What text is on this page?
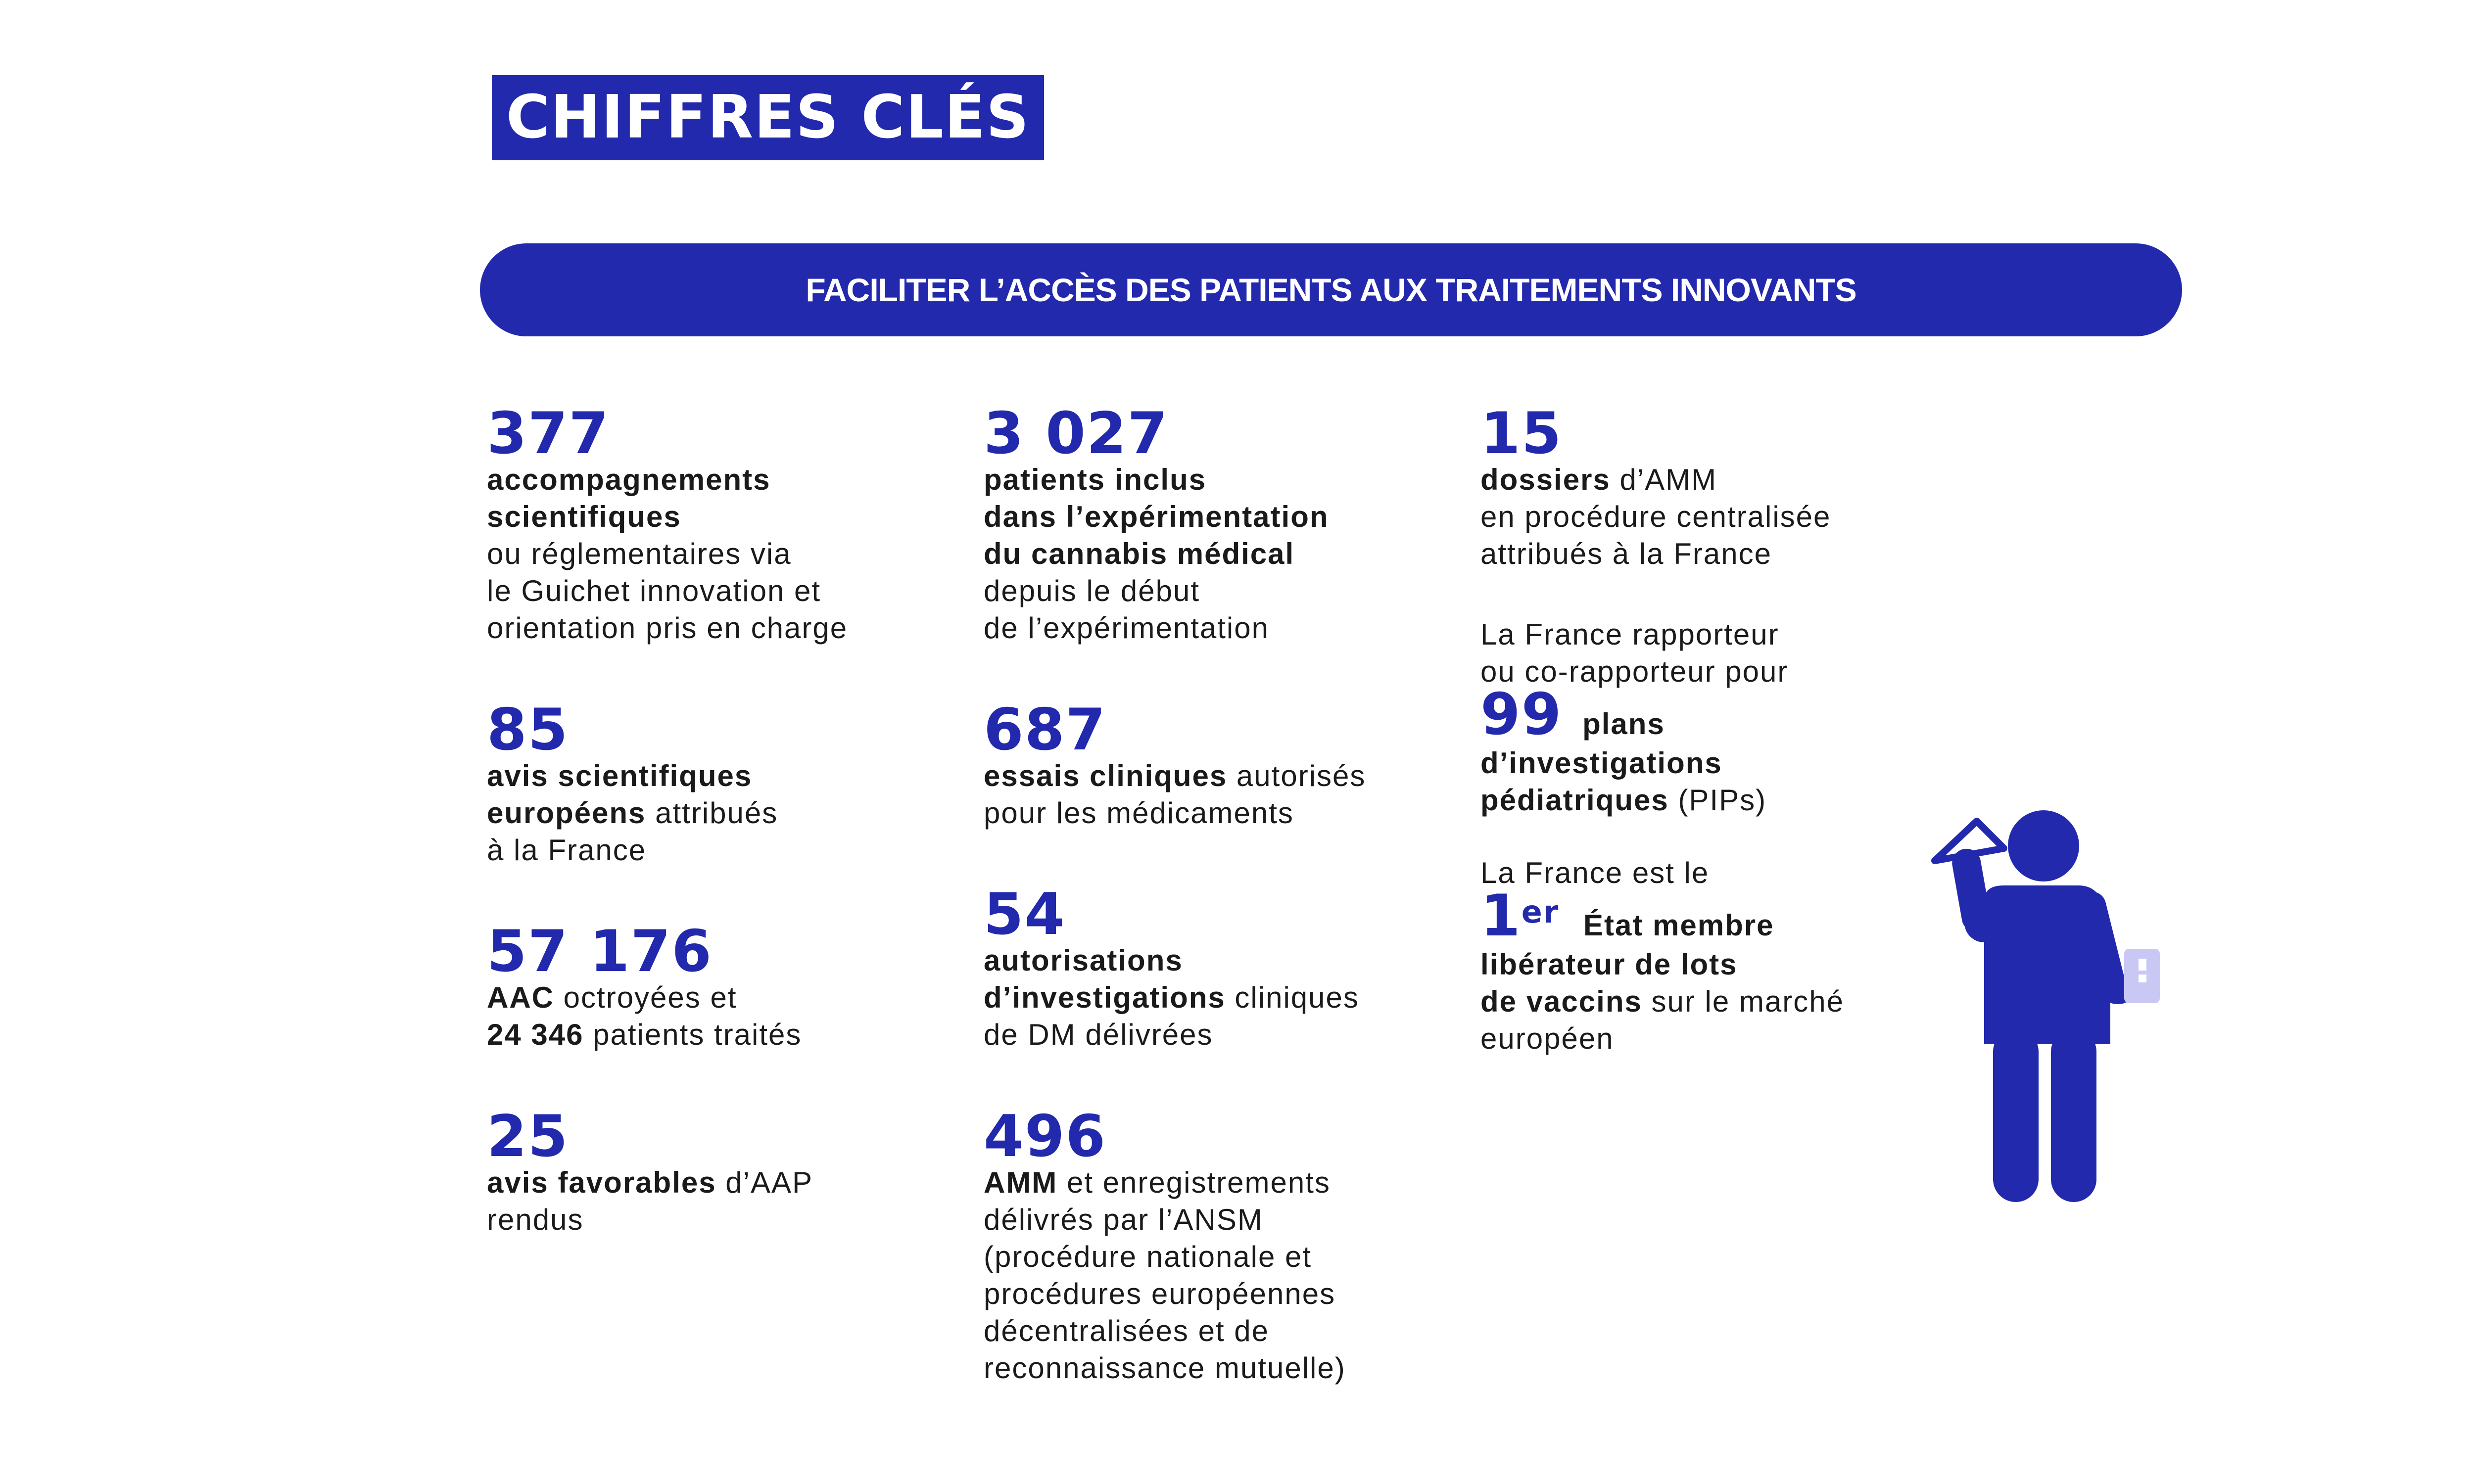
CHIFFRES CLÉS
FACILITER L’ACCÈS DES PATIENTS AUX TRAITEMENTS INNOVANTS
377
accompagnements
scientifiques
ou réglementaires via
le Guichet innovation et
orientation pris en charge
85
avis scientifiques
européens attribués
à la France
57 176
AAC octroyées et
24 346 patients traités
25
avis favorables d’AAP
rendus
3 027
patients inclus
dans l’expérimentation
du cannabis médical
depuis le début
de l’expérimentation
687
essais cliniques autorisés
pour les médicaments
54
autorisations
d’investigations cliniques
de DM délivrées
496
AMM et enregistrements
délivrés par l’ANSM
(procédure nationale et
procédures européennes
décentralisées et de
reconnaissance mutuelle)
15
dossiers d’AMM
en procédure centralisée
attribués à la France
La France rapporteur
ou co-rapporteur pour
99 plans
d’investigations
pédiatriques (PIPs)
La France est le
1er État membre
libérateur de lots
de vaccins sur le marché
européen
